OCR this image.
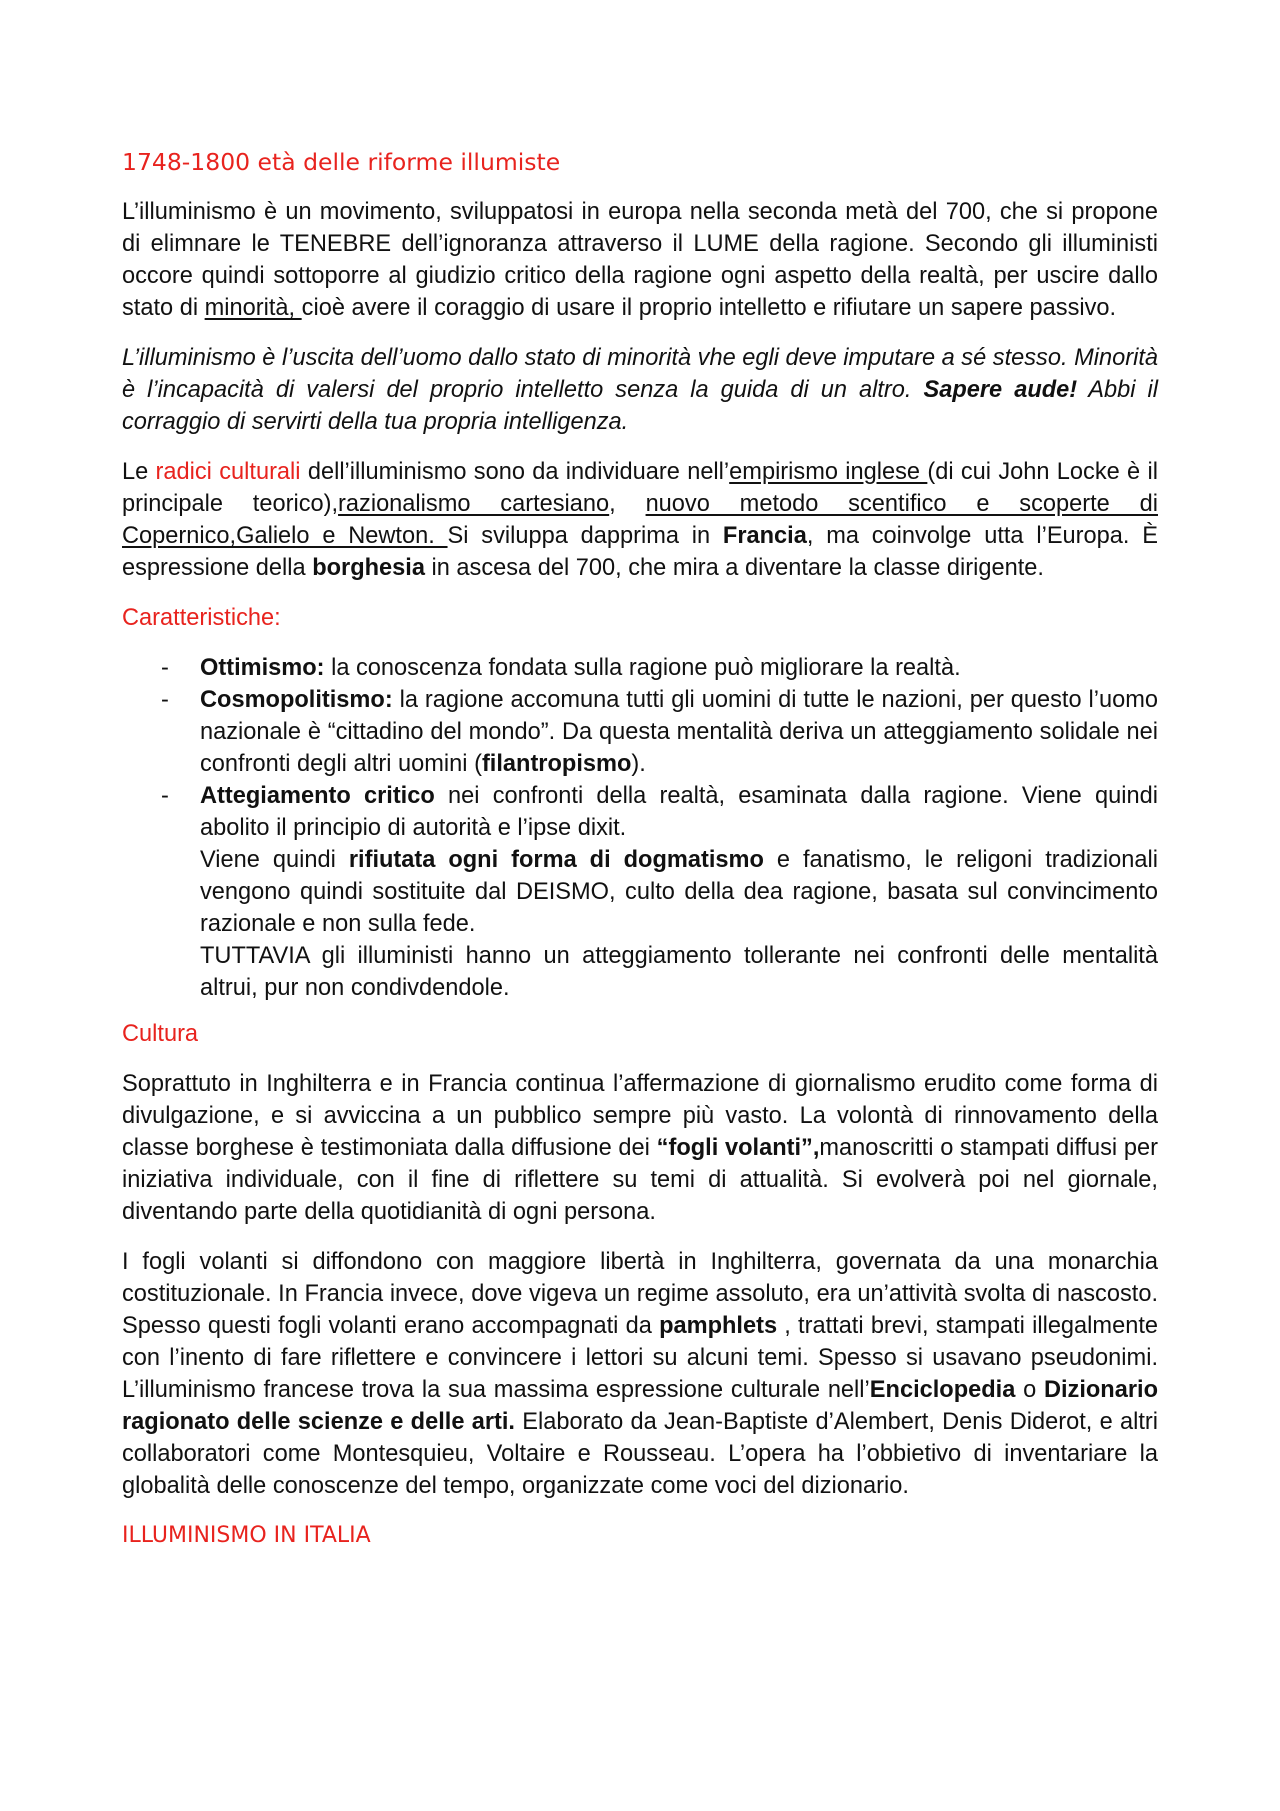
1748-1800 età delle riforme illumiste

L’illuminismo è un movimento, sviluppatosi in europa nella seconda metà del 700, che si propone di elimnare le TENEBRE dell’ignoranza attraverso il LUME della ragione. Secondo gli illuministi occore quindi sottoporre al giudizio critico della ragione ogni aspetto della realtà, per uscire dallo stato di minorità, cioè avere il coraggio di usare il proprio intelletto e rifiutare un sapere passivo.

L’illuminismo è l’uscita dell’uomo dallo stato di minorità vhe egli deve imputare a sé stesso. Minorità è l’incapacità di valersi del proprio intelletto senza la guida di un altro. Sapere aude! Abbi il corraggio di servirti della tua propria intelligenza.

Le radici culturali dell’illuminismo sono da individuare nell’empirismo inglese (di cui John Locke è il principale teorico),razionalismo cartesiano, nuovo metodo scentifico e scoperte di Copernico,Galielo e Newton. Si sviluppa dapprima in Francia, ma coinvolge utta l’Europa. È espressione della borghesia in ascesa del 700, che mira a diventare la classe dirigente.

Caratteristiche:
- Ottimismo: la conoscenza fondata sulla ragione può migliorare la realtà.
- Cosmopolitismo: la ragione accomuna tutti gli uomini di tutte le nazioni, per questo l’uomo nazionale è “cittadino del mondo”. Da questa mentalità deriva un atteggiamento solidale nei confronti degli altri uomini (filantropismo).
- Attegiamento critico nei confronti della realtà, esaminata dalla ragione. Viene quindi abolito il principio di autorità e l’ipse dixit.
Viene quindi rifiutata ogni forma di dogmatismo e fanatismo, le religoni tradizionali vengono quindi sostituite dal DEISMO, culto della dea ragione, basata sul convincimento razionale e non sulla fede.
TUTTAVIA gli illuministi hanno un atteggiamento tollerante nei confronti delle mentalità altrui, pur non condivdendole.
Cultura

Soprattuto in Inghilterra e in Francia continua l’affermazione di giornalismo erudito come forma di divulgazione, e si avviccina a un pubblico sempre più vasto. La volontà di rinnovamento della classe borghese è testimoniata dalla diffusione dei “fogli volanti”,manoscritti o stampati diffusi per iniziativa individuale, con il fine di riflettere su temi di attualità. Si evolverà poi nel giornale, diventando parte della quotidianità di ogni persona.

I fogli volanti si diffondono con maggiore libertà in Inghilterra, governata da una monarchia costituzionale. In Francia invece, dove vigeva un regime assoluto, era un’attività svolta di nascosto. Spesso questi fogli volanti erano accompagnati da pamphlets , trattati brevi, stampati illegalmente con l’inento di fare riflettere e convincere i lettori su alcuni temi. Spesso si usavano pseudonimi. L’illuminismo francese trova la sua massima espressione culturale nell’Enciclopedia o Dizionario ragionato delle scienze e delle arti. Elaborato da Jean-Baptiste d’Alembert, Denis Diderot, e altri collaboratori come Montesquieu, Voltaire e Rousseau. L’opera ha l’obbietivo di inventariare la globalità delle conoscenze del tempo, organizzate come voci del dizionario.

ILLUMINISMO IN ITALIA
